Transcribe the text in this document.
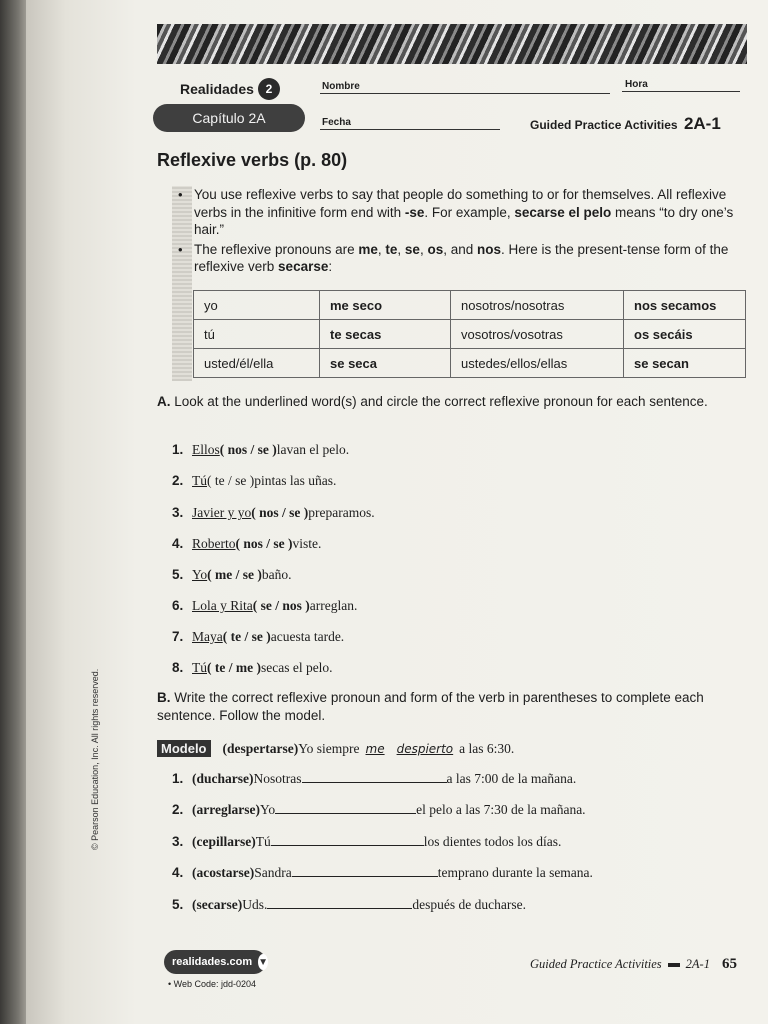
Realidades 2
Capítulo 2A
Nombre	Hora
Fecha	Guided Practice Activities 2A-1
Reflexive verbs (p. 80)

• You use reflexive verbs to say that people do something to or for themselves. All reflexive verbs in the infinitive form end with -se. For example, secarse el pelo means “to dry one’s hair.”

• The reflexive pronouns are me, te, se, os, and nos. Here is the present-tense form of the reflexive verb secarse:

yo	me seco	nosotros/nosotras	nos secamos
tú	te secas	vosotros/vosotras	os secáis
usted/él/ella	se seca	ustedes/ellos/ellas	se secan
A. Look at the underlined word(s) and circle the correct reflexive pronoun for each sentence.
1. Ellos ( nos / se ) lavan el pelo.
2. Tú ( te / se ) pintas las uñas.
3. Javier y yo ( nos / se ) preparamos.
4. Roberto ( nos / se ) viste.
5. Yo ( me / se ) baño.
6. Lola y Rita ( se / nos ) arreglan.
7. Maya ( te / se ) acuesta tarde.
8. Tú ( te / me ) secas el pelo.
B. Write the correct reflexive pronoun and form of the verb in parentheses to complete each sentence. Follow the model.
Modelo (despertarse) Yo siempre me	despierto a las 6:30.
1. (ducharse) Nosotras	a las 7:00 de la mañana.
2. (arreglarse) Yo	el pelo a las 7:30 de la mañana.
3. (cepillarse) Tú	los dientes todos los días.
4. (acostarse) Sandra	temprano durante la semana.
5. (secarse) Uds.	después de ducharse.
© Pearson Education, Inc. All rights reserved.
realidades.com ▼
• Web Code: jdd-0204
Guided Practice Activities 2A-1 65
